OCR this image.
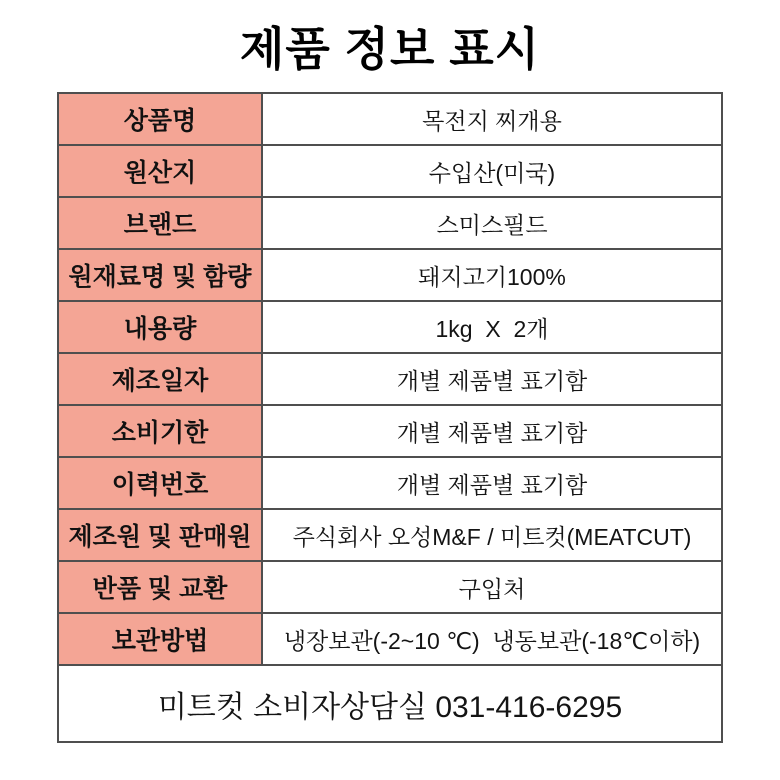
제품 정보 표시
상품명	목전지 찌개용
원산지	수입산(미국)
브랜드	스미스필드
원재료명 및 함량	돼지고기100%
내용량	1kg  X  2개
제조일자	개별 제품별 표기함
소비기한	개별 제품별 표기함
이력번호	개별 제품별 표기함
제조원 및 판매원	주식회사 오성M&F / 미트컷(MEATCUT)
반품 및 교환	구입처
보관방법	냉장보관(-2~10 ℃)  냉동보관(-18℃이하)
미트컷 소비자상담실 031-416-6295
